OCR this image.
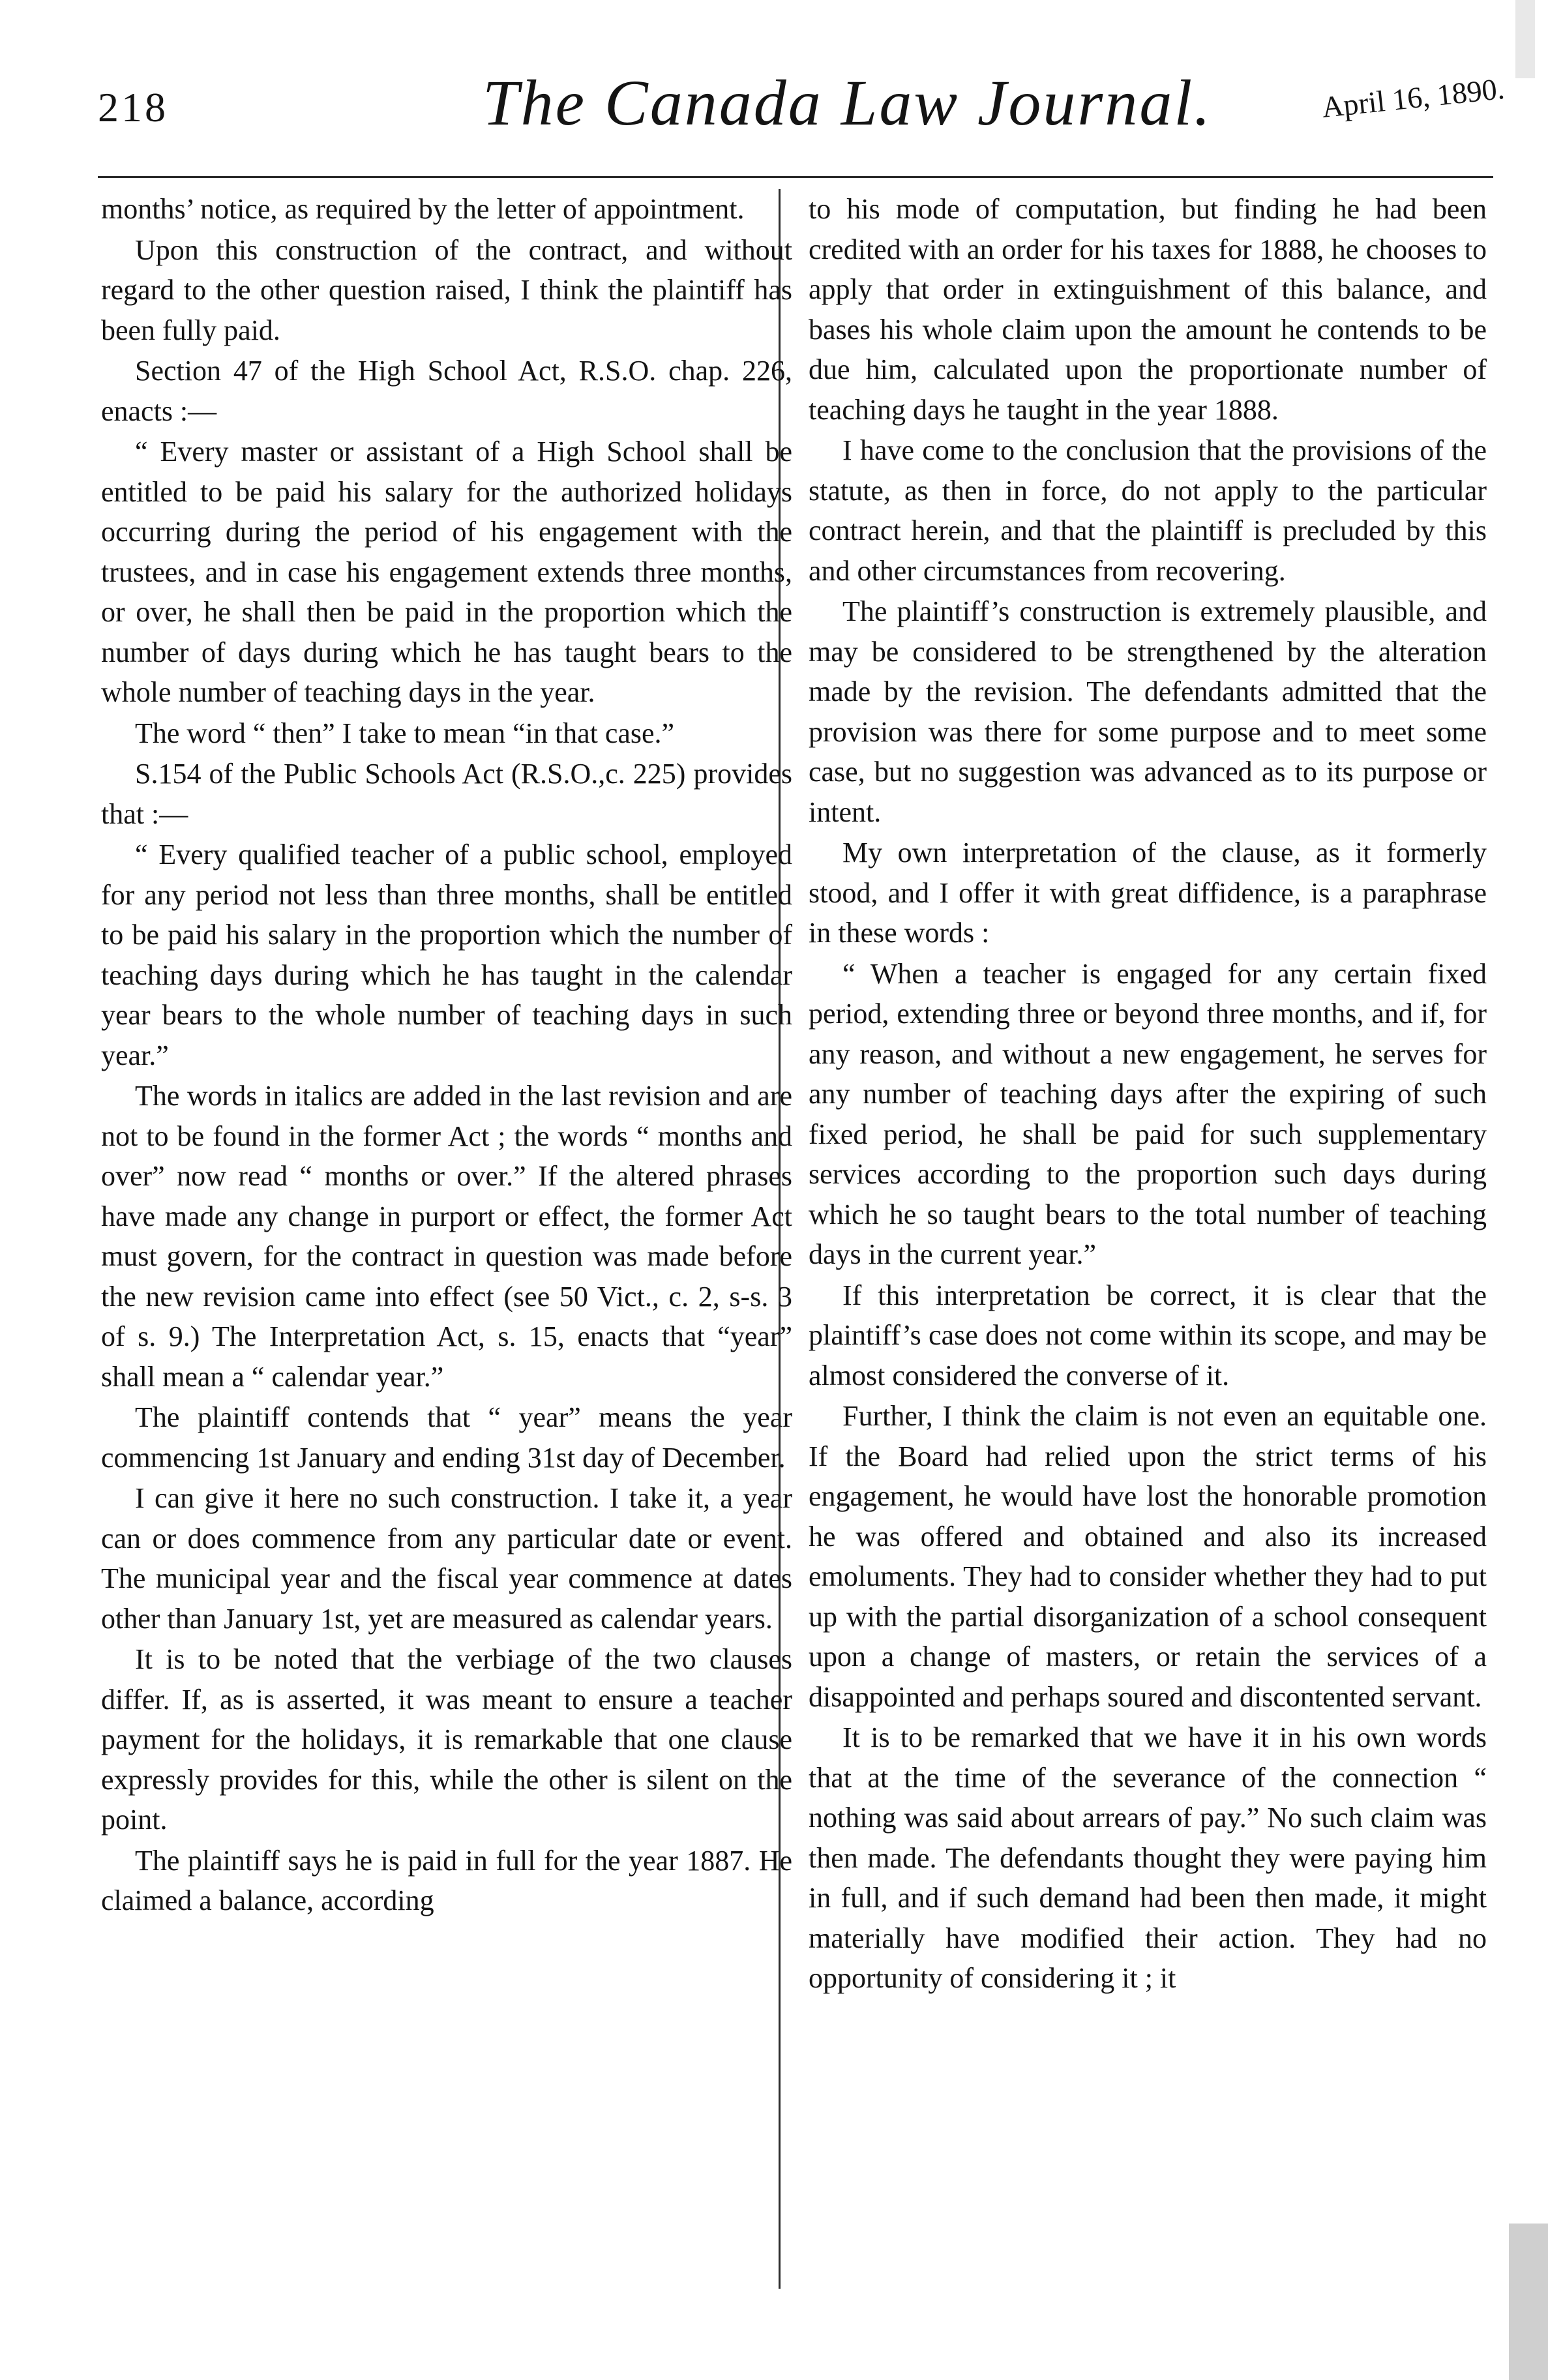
218	The Canada Law Journal.	April 16, 1890.

months’ notice, as required by the letter of appointment.

Upon this construction of the contract, and without regard to the other question raised, I think the plaintiff has been fully paid.

Section 47 of the High School Act, R.S.O. chap. 226, enacts :—

“ Every master or assistant of a High School shall be entitled to be paid his salary for the authorized holidays occurring during the period of his engagement with the trustees, and in case his engagement extends three months, or over, he shall then be paid in the proportion which the number of days during which he has taught bears to the whole number of teaching days in the year.

The word “ then” I take to mean “in that case.”

S.154 of the Public Schools Act (R.S.O.,c. 225) provides that :—

“ Every qualified teacher of a public school, employed for any period not less than three months, shall be entitled to be paid his salary in the proportion which the number of teaching days during which he has taught in the calendar year bears to the whole number of teaching days in such year.”

The words in italics are added in the last revision and are not to be found in the former Act ; the words “ months and over” now read “ months or over.” If the altered phrases have made any change in purport or effect, the former Act must govern, for the contract in question was made before the new revision came into effect (see 50 Vict., c. 2, s-s. 3 of s. 9.) The Interpretation Act, s. 15, enacts that “year” shall mean a “ calendar year.”

The plaintiff contends that “ year” means the year commencing 1st January and ending 31st day of December.

I can give it here no such construction. I take it, a year can or does commence from any particular date or event. The municipal year and the fiscal year commence at dates other than January 1st, yet are measured as calendar years.

It is to be noted that the verbiage of the two clauses differ. If, as is asserted, it was meant to ensure a teacher payment for the holidays, it is remarkable that one clause expressly provides for this, while the other is silent on the point.

The plaintiff says he is paid in full for the year 1887. He claimed a balance, according

to his mode of computation, but finding he had been credited with an order for his taxes for 1888, he chooses to apply that order in extinguishment of this balance, and bases his whole claim upon the amount he contends to be due him, calculated upon the proportionate number of teaching days he taught in the year 1888.

I have come to the conclusion that the provisions of the statute, as then in force, do not apply to the particular contract herein, and that the plaintiff is precluded by this and other circumstances from recovering.

The plaintiff’s construction is extremely plausible, and may be considered to be strengthened by the alteration made by the revision. The defendants admitted that the provision was there for some purpose and to meet some case, but no suggestion was advanced as to its purpose or intent.

My own interpretation of the clause, as it formerly stood, and I offer it with great diffidence, is a paraphrase in these words :

“ When a teacher is engaged for any certain fixed period, extending three or beyond three months, and if, for any reason, and without a new engagement, he serves for any number of teaching days after the expiring of such fixed period, he shall be paid for such supplementary services according to the proportion such days during which he so taught bears to the total number of teaching days in the current year.”

If this interpretation be correct, it is clear that the plaintiff’s case does not come within its scope, and may be almost considered the converse of it.

Further, I think the claim is not even an equitable one. If the Board had relied upon the strict terms of his engagement, he would have lost the honorable promotion he was offered and obtained and also its increased emoluments. They had to consider whether they had to put up with the partial disorganization of a school consequent upon a change of masters, or retain the services of a disappointed and perhaps soured and discontented servant.

It is to be remarked that we have it in his own words that at the time of the severance of the connection “ nothing was said about arrears of pay.” No such claim was then made. The defendants thought they were paying him in full, and if such demand had been then made, it might materially have modified their action. They had no opportunity of considering it ; it
